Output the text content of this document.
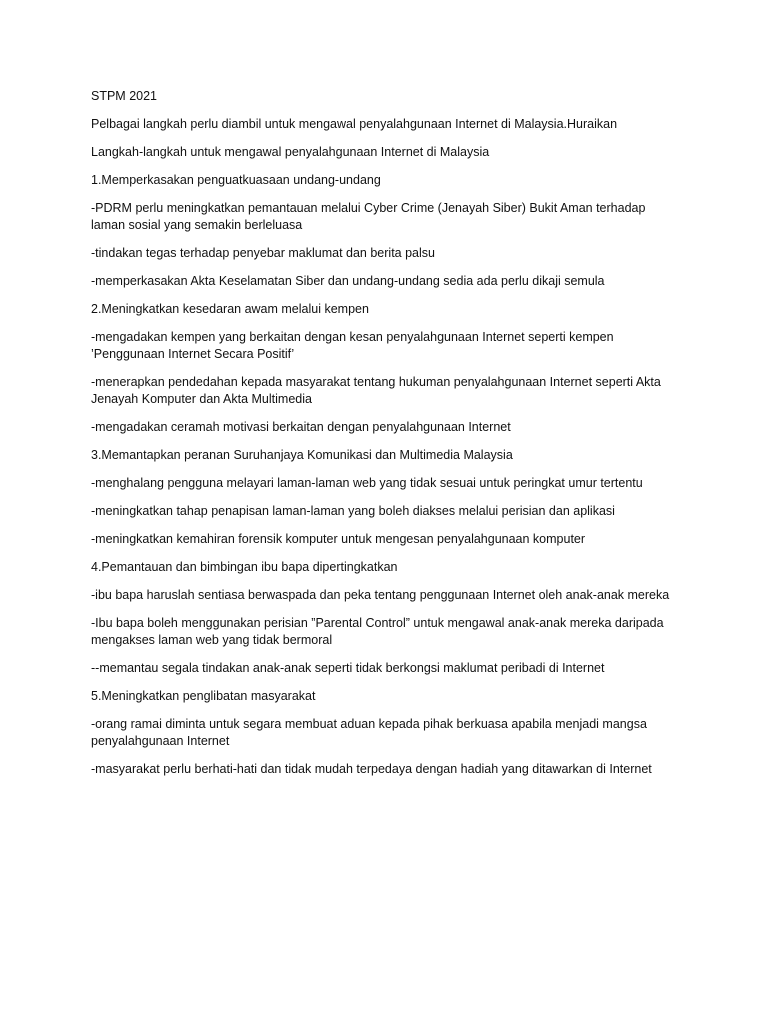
STPM 2021

Pelbagai langkah perlu diambil untuk mengawal penyalahgunaan Internet di Malaysia.Huraikan

Langkah-langkah untuk mengawal penyalahgunaan Internet di Malaysia

1.Memperkasakan penguatkuasaan undang-undang

-PDRM perlu meningkatkan pemantauan melalui Cyber Crime (Jenayah Siber) Bukit Aman terhadap laman sosial yang semakin berleluasa

-tindakan tegas terhadap penyebar maklumat dan berita palsu

-memperkasakan Akta Keselamatan Siber dan undang-undang sedia ada perlu dikaji semula

2.Meningkatkan kesedaran awam melalui kempen

-mengadakan kempen yang berkaitan dengan kesan penyalahgunaan Internet seperti kempen ’Penggunaan Internet Secara Positif’

-menerapkan pendedahan kepada masyarakat tentang hukuman penyalahgunaan Internet seperti Akta Jenayah Komputer dan Akta Multimedia

-mengadakan ceramah motivasi berkaitan dengan penyalahgunaan Internet

3.Memantapkan peranan Suruhanjaya Komunikasi dan Multimedia Malaysia

-menghalang pengguna melayari laman-laman web yang tidak sesuai untuk peringkat umur tertentu

-meningkatkan tahap penapisan laman-laman yang boleh diakses melalui perisian dan aplikasi

-meningkatkan kemahiran forensik komputer untuk mengesan penyalahgunaan komputer

4.Pemantauan dan bimbingan ibu bapa dipertingkatkan

-ibu bapa haruslah sentiasa berwaspada dan peka tentang penggunaan Internet oleh anak-anak mereka

-Ibu bapa boleh menggunakan perisian ”Parental Control” untuk mengawal anak-anak mereka daripada mengakses laman web yang tidak bermoral

--memantau segala tindakan anak-anak seperti tidak berkongsi maklumat peribadi di Internet

5.Meningkatkan penglibatan masyarakat

-orang ramai diminta untuk segara membuat aduan kepada pihak berkuasa apabila menjadi mangsa penyalahgunaan Internet

-masyarakat perlu berhati-hati dan tidak mudah terpedaya dengan hadiah yang ditawarkan di Internet
